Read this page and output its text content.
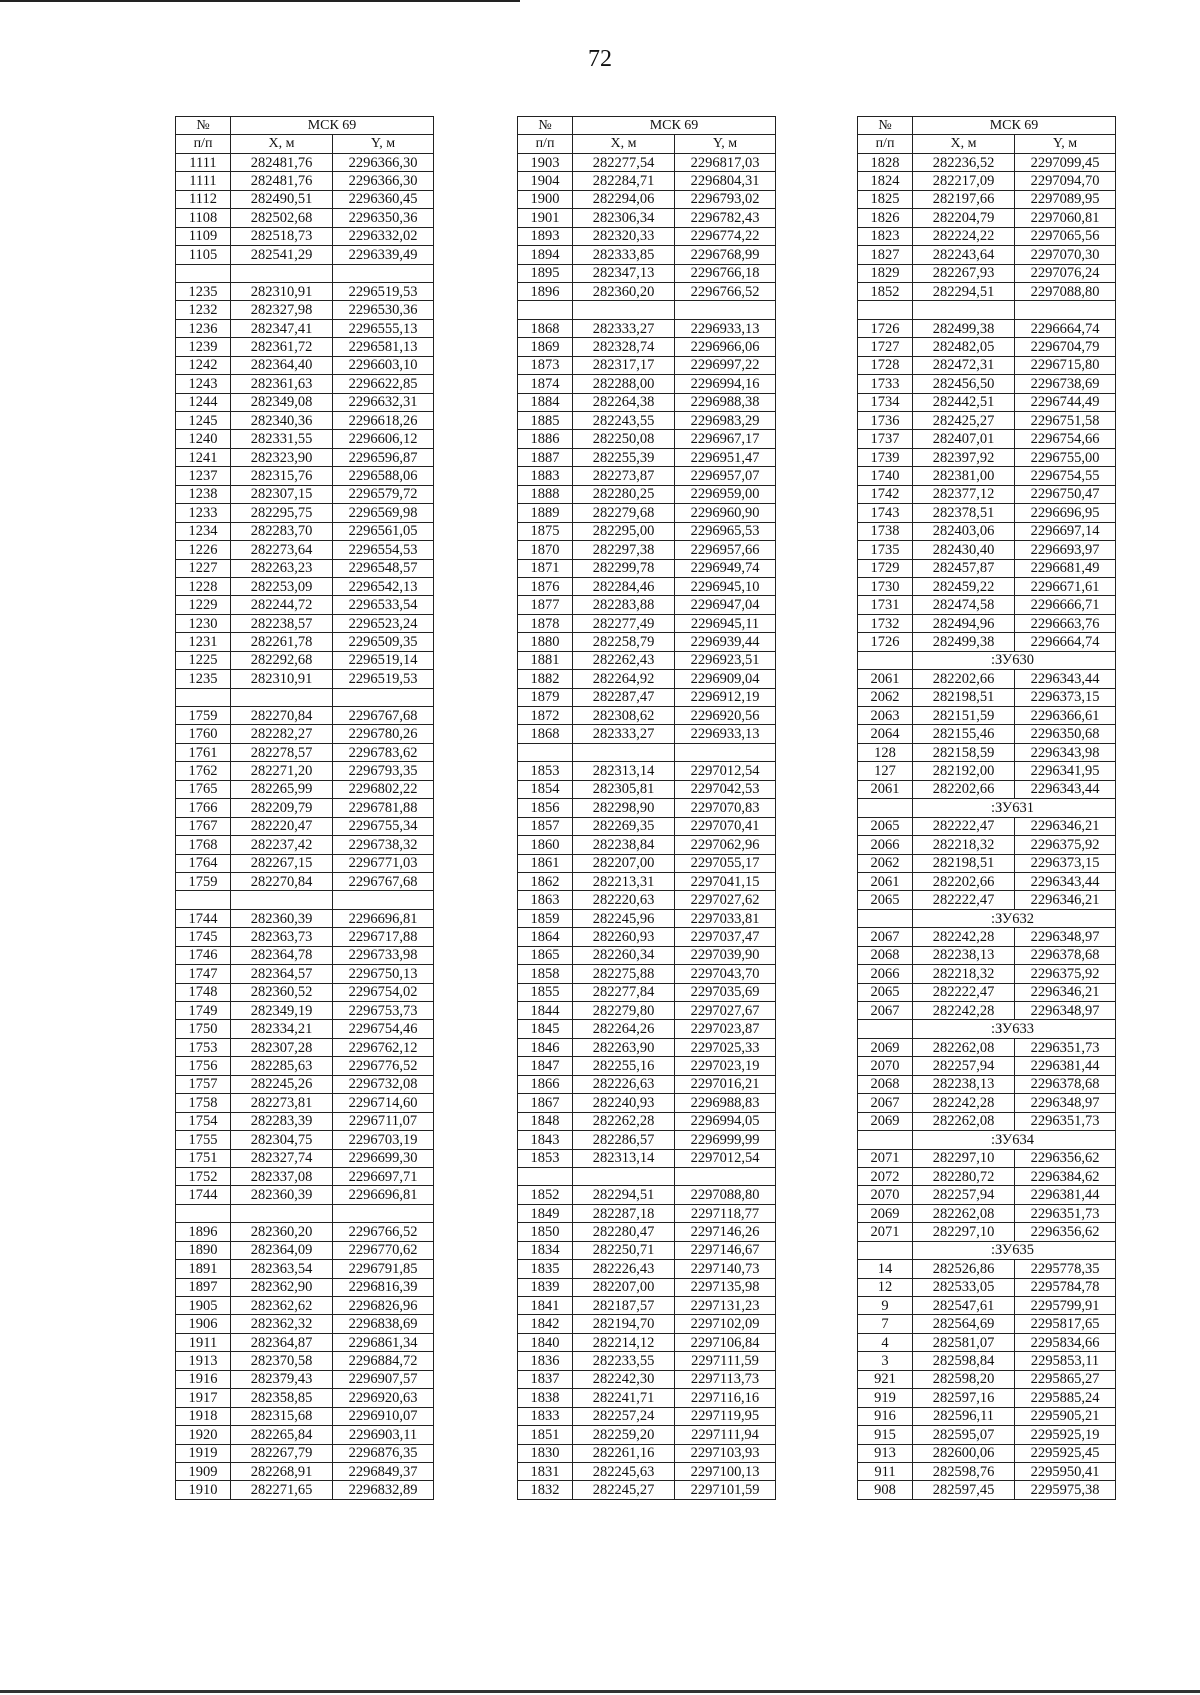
72
№	МСК 69	
п/п	X, м	Y, м
1111	282481,76	2296366,30
1111	282481,76	2296366,30
1112	282490,51	2296360,45
1108	282502,68	2296350,36
1109	282518,73	2296332,02
1105	282541,29	2296339,49

1235	282310,91	2296519,53
1232	282327,98	2296530,36
1236	282347,41	2296555,13
1239	282361,72	2296581,13
1242	282364,40	2296603,10
1243	282361,63	2296622,85
1244	282349,08	2296632,31
1245	282340,36	2296618,26
1240	282331,55	2296606,12
1241	282323,90	2296596,87
1237	282315,76	2296588,06
1238	282307,15	2296579,72
1233	282295,75	2296569,98
1234	282283,70	2296561,05
1226	282273,64	2296554,53
1227	282263,23	2296548,57
1228	282253,09	2296542,13
1229	282244,72	2296533,54
1230	282238,57	2296523,24
1231	282261,78	2296509,35
1225	282292,68	2296519,14
1235	282310,91	2296519,53

1759	282270,84	2296767,68
1760	282282,27	2296780,26
1761	282278,57	2296783,62
1762	282271,20	2296793,35
1765	282265,99	2296802,22
1766	282209,79	2296781,88
1767	282220,47	2296755,34
1768	282237,42	2296738,32
1764	282267,15	2296771,03
1759	282270,84	2296767,68

1744	282360,39	2296696,81
1745	282363,73	2296717,88
1746	282364,78	2296733,98
1747	282364,57	2296750,13
1748	282360,52	2296754,02
1749	282349,19	2296753,73
1750	282334,21	2296754,46
1753	282307,28	2296762,12
1756	282285,63	2296776,52
1757	282245,26	2296732,08
1758	282273,81	2296714,60
1754	282283,39	2296711,07
1755	282304,75	2296703,19
1751	282327,74	2296699,30
1752	282337,08	2296697,71
1744	282360,39	2296696,81

1896	282360,20	2296766,52
1890	282364,09	2296770,62
1891	282363,54	2296791,85
1897	282362,90	2296816,39
1905	282362,62	2296826,96
1906	282362,32	2296838,69
1911	282364,87	2296861,34
1913	282370,58	2296884,72
1916	282379,43	2296907,57
1917	282358,85	2296920,63
1918	282315,68	2296910,07
1920	282265,84	2296903,11
1919	282267,79	2296876,35
1909	282268,91	2296849,37
1910	282271,65	2296832,89
№	МСК 69	
п/п	X, м	Y, м
1903	282277,54	2296817,03
1904	282284,71	2296804,31
1900	282294,06	2296793,02
1901	282306,34	2296782,43
1893	282320,33	2296774,22
1894	282333,85	2296768,99
1895	282347,13	2296766,18
1896	282360,20	2296766,52

1868	282333,27	2296933,13
1869	282328,74	2296966,06
1873	282317,17	2296997,22
1874	282288,00	2296994,16
1884	282264,38	2296988,38
1885	282243,55	2296983,29
1886	282250,08	2296967,17
1887	282255,39	2296951,47
1883	282273,87	2296957,07
1888	282280,25	2296959,00
1889	282279,68	2296960,90
1875	282295,00	2296965,53
1870	282297,38	2296957,66
1871	282299,78	2296949,74
1876	282284,46	2296945,10
1877	282283,88	2296947,04
1878	282277,49	2296945,11
1880	282258,79	2296939,44
1881	282262,43	2296923,51
1882	282264,92	2296909,04
1879	282287,47	2296912,19
1872	282308,62	2296920,56
1868	282333,27	2296933,13

1853	282313,14	2297012,54
1854	282305,81	2297042,53
1856	282298,90	2297070,83
1857	282269,35	2297070,41
1860	282238,84	2297062,96
1861	282207,00	2297055,17
1862	282213,31	2297041,15
1863	282220,63	2297027,62
1859	282245,96	2297033,81
1864	282260,93	2297037,47
1865	282260,34	2297039,90
1858	282275,88	2297043,70
1855	282277,84	2297035,69
1844	282279,80	2297027,67
1845	282264,26	2297023,87
1846	282263,90	2297025,33
1847	282255,16	2297023,19
1866	282226,63	2297016,21
1867	282240,93	2296988,83
1848	282262,28	2296994,05
1843	282286,57	2296999,99
1853	282313,14	2297012,54

1852	282294,51	2297088,80
1849	282287,18	2297118,77
1850	282280,47	2297146,26
1834	282250,71	2297146,67
1835	282226,43	2297140,73
1839	282207,00	2297135,98
1841	282187,57	2297131,23
1842	282194,70	2297102,09
1840	282214,12	2297106,84
1836	282233,55	2297111,59
1837	282242,30	2297113,73
1838	282241,71	2297116,16
1833	282257,24	2297119,95
1851	282259,20	2297111,94
1830	282261,16	2297103,93
1831	282245,63	2297100,13
1832	282245,27	2297101,59
№	МСК 69	
п/п	X, м	Y, м
1828	282236,52	2297099,45
1824	282217,09	2297094,70
1825	282197,66	2297089,95
1826	282204,79	2297060,81
1823	282224,22	2297065,56
1827	282243,64	2297070,30
1829	282267,93	2297076,24
1852	282294,51	2297088,80

1726	282499,38	2296664,74
1727	282482,05	2296704,79
1728	282472,31	2296715,80
1733	282456,50	2296738,69
1734	282442,51	2296744,49
1736	282425,27	2296751,58
1737	282407,01	2296754,66
1739	282397,92	2296755,00
1740	282381,00	2296754,55
1742	282377,12	2296750,47
1743	282378,51	2296696,95
1738	282403,06	2296697,14
1735	282430,40	2296693,97
1729	282457,87	2296681,49
1730	282459,22	2296671,61
1731	282474,58	2296666,71
1732	282494,96	2296663,76
1726	282499,38	2296664,74
	:ЗУ630	
2061	282202,66	2296343,44
2062	282198,51	2296373,15
2063	282151,59	2296366,61
2064	282155,46	2296350,68
128	282158,59	2296343,98
127	282192,00	2296341,95
2061	282202,66	2296343,44
	:ЗУ631	
2065	282222,47	2296346,21
2066	282218,32	2296375,92
2062	282198,51	2296373,15
2061	282202,66	2296343,44
2065	282222,47	2296346,21
	:ЗУ632	
2067	282242,28	2296348,97
2068	282238,13	2296378,68
2066	282218,32	2296375,92
2065	282222,47	2296346,21
2067	282242,28	2296348,97
	:ЗУ633	
2069	282262,08	2296351,73
2070	282257,94	2296381,44
2068	282238,13	2296378,68
2067	282242,28	2296348,97
2069	282262,08	2296351,73
	:ЗУ634	
2071	282297,10	2296356,62
2072	282280,72	2296384,62
2070	282257,94	2296381,44
2069	282262,08	2296351,73
2071	282297,10	2296356,62
	:ЗУ635	
14	282526,86	2295778,35
12	282533,05	2295784,78
9	282547,61	2295799,91
7	282564,69	2295817,65
4	282581,07	2295834,66
3	282598,84	2295853,11
921	282598,20	2295865,27
919	282597,16	2295885,24
916	282596,11	2295905,21
915	282595,07	2295925,19
913	282600,06	2295925,45
911	282598,76	2295950,41
908	282597,45	2295975,38
